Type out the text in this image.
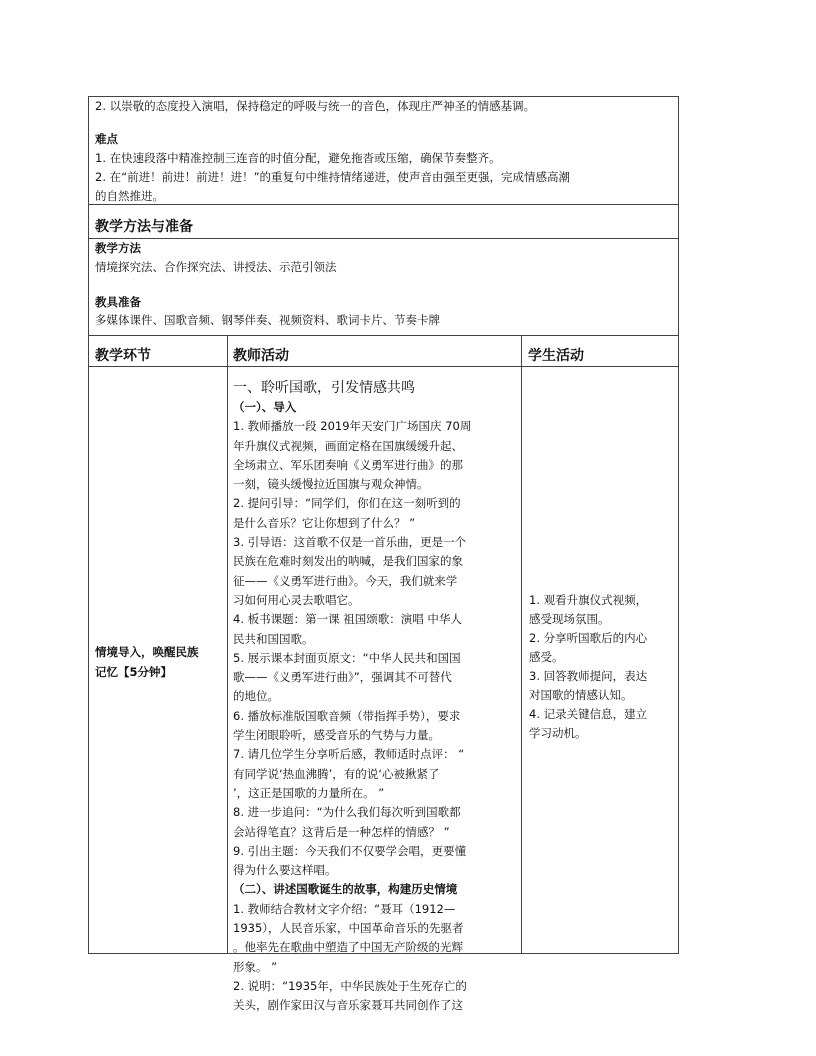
2. 以崇敬的态度投入演唱，保持稳定的呼吸与统一的音色，体现庄严神圣的情感基调。
难点
1. 在快速段落中精准控制三连音的时值分配，避免拖沓或压缩，确保节奏整齐。
2. 在“前进！前进！前进！进！”的重复句中维持情绪递进，使声音由强至更强，完成情感高潮
的自然推进。
教学方法与准备
教学方法
情境探究法、合作探究法、讲授法、示范引领法
教具准备
多媒体课件、国歌音频、钢琴伴奏、视频资料、歌词卡片、节奏卡牌
教学环节	教师活动	学生活动
情境导入，唤醒民族
记忆【5分钟】
一、聆听国歌，引发情感共鸣

（一）、导入

1. 教师播放一段 2019年天安门广场国庆 70周

年升旗仪式视频，画面定格在国旗缓缓升起、

全场肃立、军乐团奏响《义勇军进行曲》的那

一刻，镜头缓慢拉近国旗与观众神情。

2. 提问引导：“同学们，你们在这一刻听到的

是什么音乐？它让你想到了什么？ ”

3. 引导语：这首歌不仅是一首乐曲，更是一个

民族在危难时刻发出的呐喊，是我们国家的象

征——《义勇军进行曲》。今天，我们就来学

习如何用心灵去歌唱它。

4. 板书课题：第一课 祖国颂歌：演唱 中华人

民共和国国歌。

5. 展示课本封面页原文：“中华人民共和国国

歌——《义勇军进行曲》”，强调其不可替代

的地位。

6. 播放标准版国歌音频（带指挥手势），要求

学生闭眼聆听，感受音乐的气势与力量。

7. 请几位学生分享听后感，教师适时点评： “

有同学说‘热血沸腾’，有的说‘心被揪紧了

’，这正是国歌的力量所在。 ”

8. 进一步追问：“为什么我们每次听到国歌都

会站得笔直？这背后是一种怎样的情感？ ”

9. 引出主题：今天我们不仅要学会唱，更要懂

得为什么要这样唱。

（二）、讲述国歌诞生的故事，构建历史情境

1. 教师结合教材文字介绍：“聂耳（1912—

1935），人民音乐家，中国革命音乐的先驱者

。他率先在歌曲中塑造了中国无产阶级的光辉

形象。 ”

2. 说明：“1935年，中华民族处于生死存亡的

关头，剧作家田汉与音乐家聂耳共同创作了这

1. 观看升旗仪式视频，

感受现场氛围。

2. 分享听国歌后的内心

感受。

3. 回答教师提问，表达

对国歌的情感认知。

4. 记录关键信息，建立

学习动机。
